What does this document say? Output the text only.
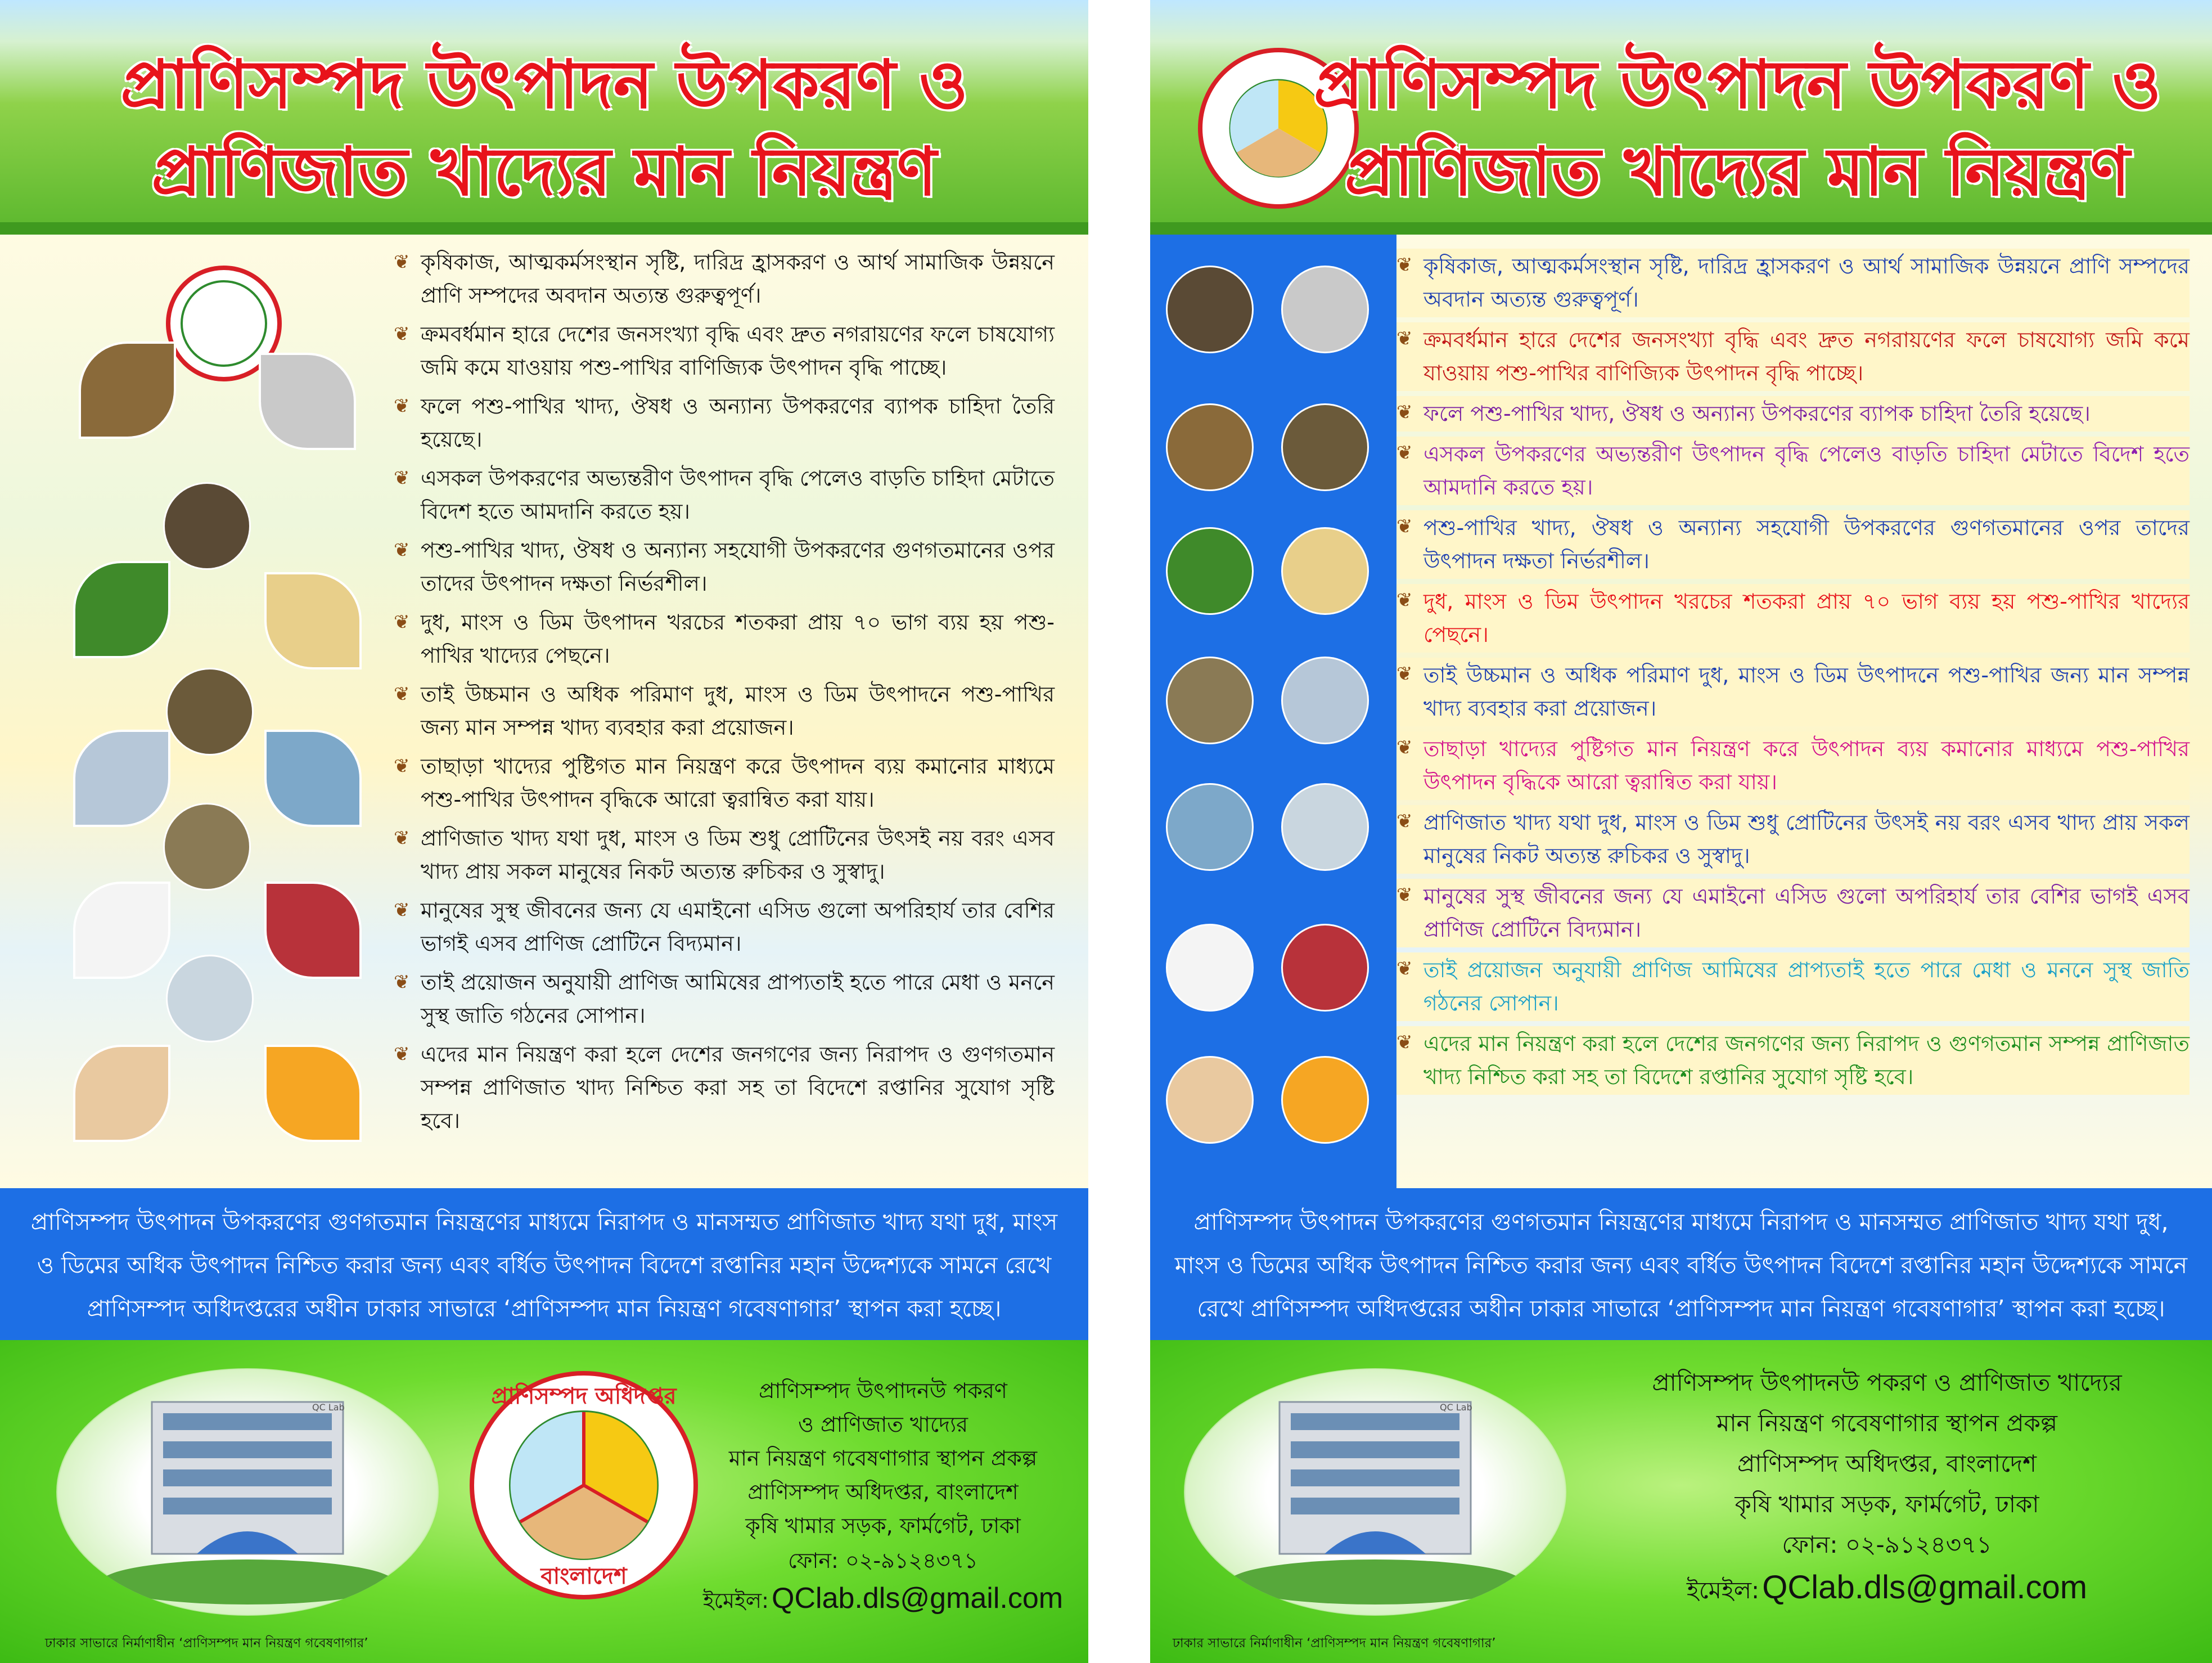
প্রাণিসম্পদ উৎপাদন উপকরণ ও
প্রাণিজাত খাদ্যের মান নিয়ন্ত্রণ
❦ কৃষিকাজ, আত্মকর্মসংস্থান সৃষ্টি, দারিদ্র হ্রাসকরণ ও আর্থ সামাজিক উন্নয়নে প্রাণি সম্পদের অবদান অত্যন্ত গুরুত্বপূর্ণ।
❦ ক্রমবর্ধমান হারে দেশের জনসংখ্যা বৃদ্ধি এবং দ্রুত নগরায়ণের ফলে চাষযোগ্য জমি কমে যাওয়ায় পশু-পাখির বাণিজ্যিক উৎপাদন বৃদ্ধি পাচ্ছে।
❦ ফলে পশু-পাখির খাদ্য, ঔষধ ও অন্যান্য উপকরণের ব্যাপক চাহিদা তৈরি হয়েছে।
❦ এসকল উপকরণের অভ্যন্তরীণ উৎপাদন বৃদ্ধি পেলেও বাড়তি চাহিদা মেটাতে বিদেশ হতে আমদানি করতে হয়।
❦ পশু-পাখির খাদ্য, ঔষধ ও অন্যান্য সহযোগী উপকরণের গুণগতমানের ওপর তাদের উৎপাদন দক্ষতা নির্ভরশীল।
❦ দুধ, মাংস ও ডিম উৎপাদন খরচের শতকরা প্রায় ৭০ ভাগ ব্যয় হয় পশু-পাখির খাদ্যের পেছনে।
❦ তাই উচ্চমান ও অধিক পরিমাণ দুধ, মাংস ও ডিম উৎপাদনে পশু-পাখির জন্য মান সম্পন্ন খাদ্য ব্যবহার করা প্রয়োজন।
❦ তাছাড়া খাদ্যের পুষ্টিগত মান নিয়ন্ত্রণ করে উৎপাদন ব্যয় কমানোর মাধ্যমে পশু-পাখির উৎপাদন বৃদ্ধিকে আরো ত্বরান্বিত করা যায়।
❦ প্রাণিজাত খাদ্য যথা দুধ, মাংস ও ডিম শুধু প্রোটিনের উৎসই নয় বরং এসব খাদ্য প্রায় সকল মানুষের নিকট অত্যন্ত রুচিকর ও সুস্বাদু।
❦ মানুষের সুস্থ জীবনের জন্য যে এমাইনো এসিড গুলো অপরিহার্য তার বেশির ভাগই এসব প্রাণিজ প্রোটিনে বিদ্যমান।
❦ তাই প্রয়োজন অনুযায়ী প্রাণিজ আমিষের প্রাপ্যতাই হতে পারে মেধা ও মননে সুস্থ জাতি গঠনের সোপান।
❦ এদের মান নিয়ন্ত্রণ করা হলে দেশের জনগণের জন্য নিরাপদ ও গুণগতমান সম্পন্ন প্রাণিজাত খাদ্য নিশ্চিত করা সহ তা বিদেশে রপ্তানির সুযোগ সৃষ্টি হবে।
প্রাণিসম্পদ উৎপাদন উপকরণের গুণগতমান নিয়ন্ত্রণের মাধ্যমে নিরাপদ ও মানসম্মত প্রাণিজাত খাদ্য যথা দুধ, মাংস ও ডিমের অধিক উৎপাদন নিশ্চিত করার জন্য এবং বর্ধিত উৎপাদন বিদেশে রপ্তানির মহান উদ্দেশ্যকে সামনে রেখে প্রাণিসম্পদ অধিদপ্তরের অধীন ঢাকার সাভারে ‘প্রাণিসম্পদ মান নিয়ন্ত্রণ গবেষণাগার’ স্থাপন করা হচ্ছে।
QC Lab
ঢাকার সাভারে নির্মাণাধীন ‘প্রাণিসম্পদ মান নিয়ন্ত্রণ গবেষণাগার’
প্রাণিসম্পদ অধিদপ্তর
বাংলাদেশ
প্রাণিসম্পদ উৎপাদনউ পকরণ
ও প্রাণিজাত খাদ্যের
মান নিয়ন্ত্রণ গবেষণাগার স্থাপন প্রকল্প
প্রাণিসম্পদ অধিদপ্তর, বাংলাদেশ
কৃষি খামার সড়ক, ফার্মগেট, ঢাকা
ফোন: ০২-৯১২৪৩৭১
ইমেইল: QClab.dls@gmail.com
প্রাণিসম্পদ উৎপাদন উপকরণ ও
প্রাণিজাত খাদ্যের মান নিয়ন্ত্রণ
❦ কৃষিকাজ, আত্মকর্মসংস্থান সৃষ্টি, দারিদ্র হ্রাসকরণ ও আর্থ সামাজিক উন্নয়নে প্রাণি সম্পদের অবদান অত্যন্ত গুরুত্বপূর্ণ।
❦ ক্রমবর্ধমান হারে দেশের জনসংখ্যা বৃদ্ধি এবং দ্রুত নগরায়ণের ফলে চাষযোগ্য জমি কমে যাওয়ায় পশু-পাখির বাণিজ্যিক উৎপাদন বৃদ্ধি পাচ্ছে।
❦ ফলে পশু-পাখির খাদ্য, ঔষধ ও অন্যান্য উপকরণের ব্যাপক চাহিদা তৈরি হয়েছে।
❦ এসকল উপকরণের অভ্যন্তরীণ উৎপাদন বৃদ্ধি পেলেও বাড়তি চাহিদা মেটাতে বিদেশ হতে আমদানি করতে হয়।
❦ পশু-পাখির খাদ্য, ঔষধ ও অন্যান্য সহযোগী উপকরণের গুণগতমানের ওপর তাদের উৎপাদন দক্ষতা নির্ভরশীল।
❦ দুধ, মাংস ও ডিম উৎপাদন খরচের শতকরা প্রায় ৭০ ভাগ ব্যয় হয় পশু-পাখির খাদ্যের পেছনে।
❦ তাই উচ্চমান ও অধিক পরিমাণ দুধ, মাংস ও ডিম উৎপাদনে পশু-পাখির জন্য মান সম্পন্ন খাদ্য ব্যবহার করা প্রয়োজন।
❦ তাছাড়া খাদ্যের পুষ্টিগত মান নিয়ন্ত্রণ করে উৎপাদন ব্যয় কমানোর মাধ্যমে পশু-পাখির উৎপাদন বৃদ্ধিকে আরো ত্বরান্বিত করা যায়।
❦ প্রাণিজাত খাদ্য যথা দুধ, মাংস ও ডিম শুধু প্রোটিনের উৎসই নয় বরং এসব খাদ্য প্রায় সকল মানুষের নিকট অত্যন্ত রুচিকর ও সুস্বাদু।
❦ মানুষের সুস্থ জীবনের জন্য যে এমাইনো এসিড গুলো অপরিহার্য তার বেশির ভাগই এসব প্রাণিজ প্রোটিনে বিদ্যমান।
❦ তাই প্রয়োজন অনুযায়ী প্রাণিজ আমিষের প্রাপ্যতাই হতে পারে মেধা ও মননে সুস্থ জাতি গঠনের সোপান।
❦ এদের মান নিয়ন্ত্রণ করা হলে দেশের জনগণের জন্য নিরাপদ ও গুণগতমান সম্পন্ন প্রাণিজাত খাদ্য নিশ্চিত করা সহ তা বিদেশে রপ্তানির সুযোগ সৃষ্টি হবে।
প্রাণিসম্পদ উৎপাদন উপকরণের গুণগতমান নিয়ন্ত্রণের মাধ্যমে নিরাপদ ও মানসম্মত প্রাণিজাত খাদ্য যথা দুধ, মাংস ও ডিমের অধিক উৎপাদন নিশ্চিত করার জন্য এবং বর্ধিত উৎপাদন বিদেশে রপ্তানির মহান উদ্দেশ্যকে সামনে রেখে প্রাণিসম্পদ অধিদপ্তরের অধীন ঢাকার সাভারে ‘প্রাণিসম্পদ মান নিয়ন্ত্রণ গবেষণাগার’ স্থাপন করা হচ্ছে।
QC Lab
ঢাকার সাভারে নির্মাণাধীন ‘প্রাণিসম্পদ মান নিয়ন্ত্রণ গবেষণাগার’
প্রাণিসম্পদ উৎপাদনউ পকরণ ও প্রাণিজাত খাদ্যের
মান নিয়ন্ত্রণ গবেষণাগার স্থাপন প্রকল্প
প্রাণিসম্পদ অধিদপ্তর, বাংলাদেশ
কৃষি খামার সড়ক, ফার্মগেট, ঢাকা
ফোন: ০২-৯১২৪৩৭১
ইমেইল: QClab.dls@gmail.com
